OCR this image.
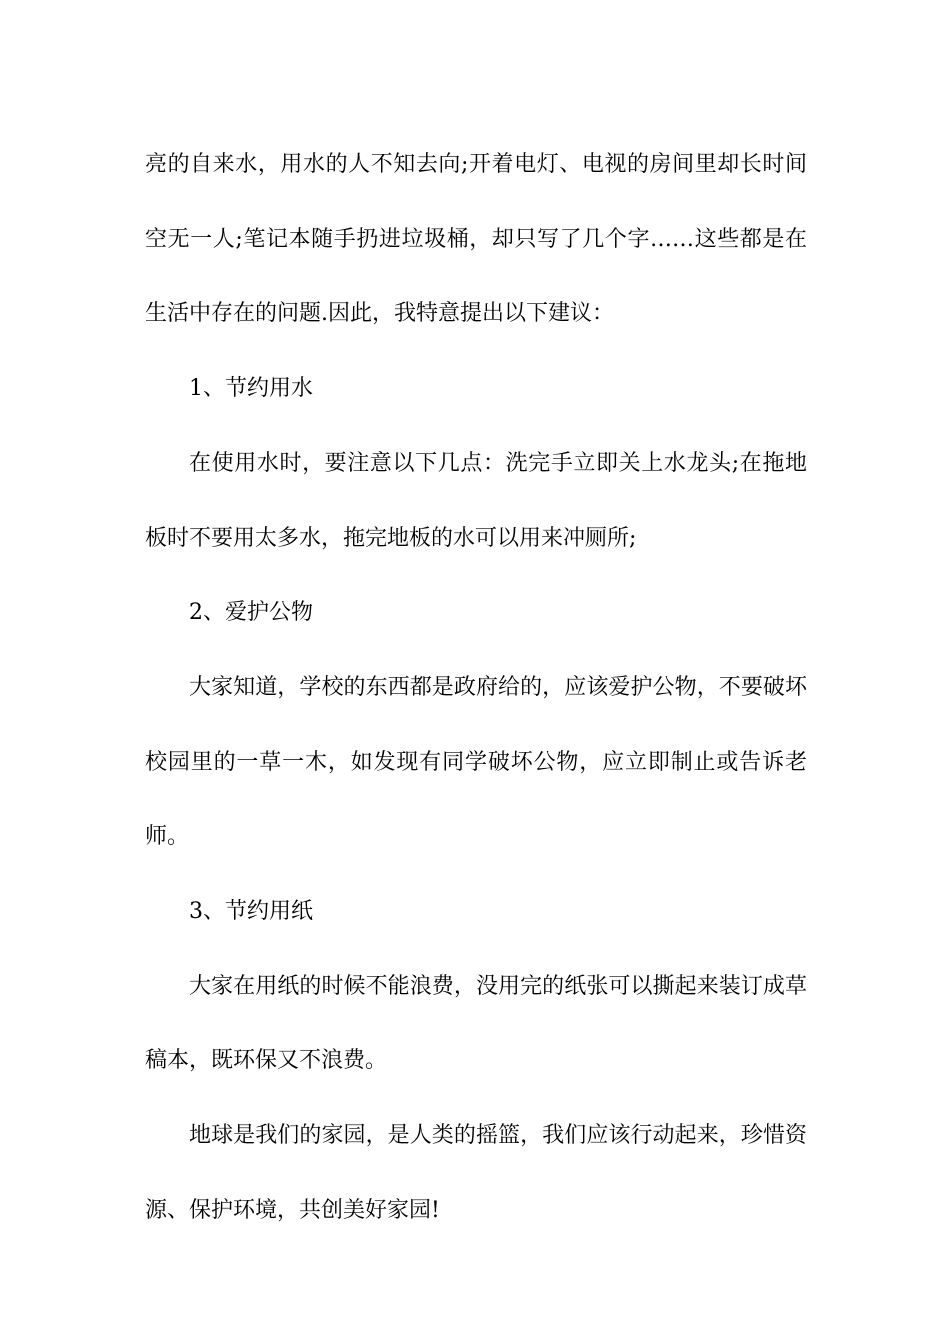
亮的自来水，用水的人不知去向;开着电灯、电视的房间里却长时间空无一人;笔记本随手扔进垃圾桶，却只写了几个字……这些都是在生活中存在的问题.因此，我特意提出以下建议：

1、节约用水

在使用水时，要注意以下几点：洗完手立即关上水龙头;在拖地板时不要用太多水，拖完地板的水可以用来冲厕所;

2、爱护公物

大家知道，学校的东西都是政府给的，应该爱护公物，不要破坏校园里的一草一木，如发现有同学破坏公物，应立即制止或告诉老师。

3、节约用纸

大家在用纸的时候不能浪费，没用完的纸张可以撕起来装订成草稿本，既环保又不浪费。

地球是我们的家园，是人类的摇篮，我们应该行动起来，珍惜资源、保护环境，共创美好家园!
